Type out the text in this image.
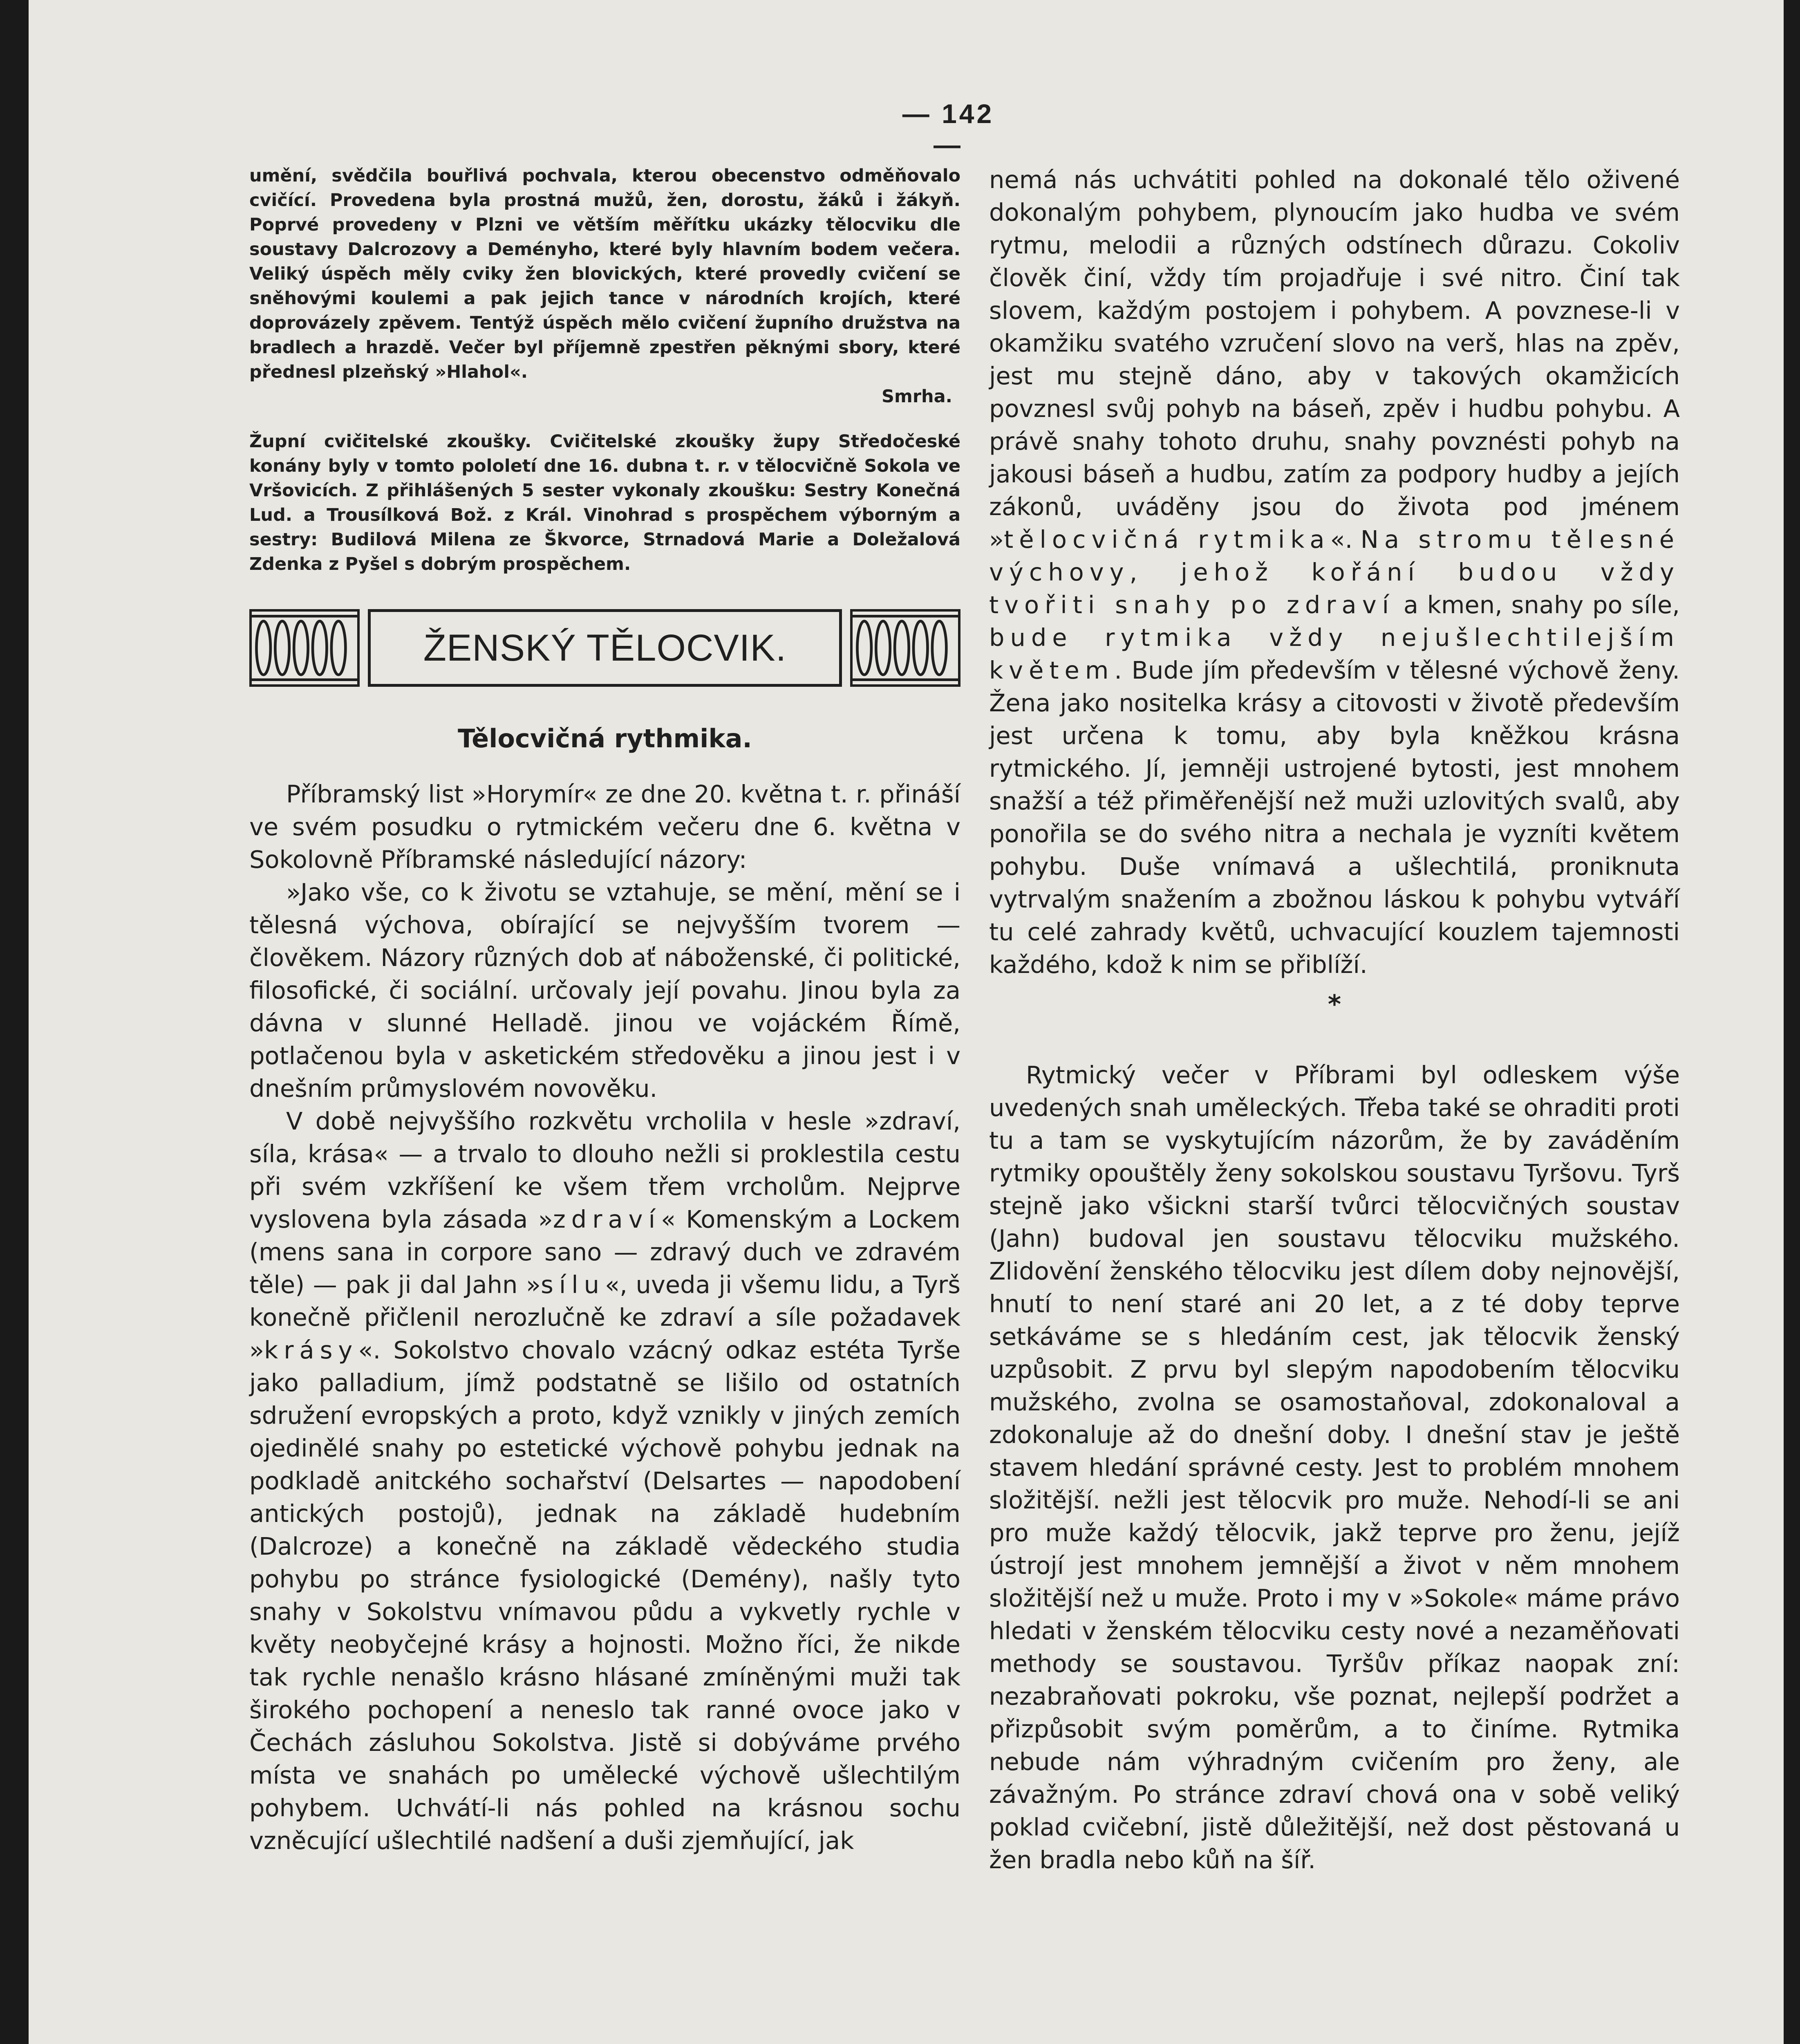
— 142 —

umění, svědčila bouřlivá pochvala, kterou obecenstvo odměňovalo cvičící. Provedena byla prostná mužů, žen, dorostu, žáků i žákyň. Poprvé provedeny v Plzni ve větším měřítku ukázky tělocviku dle soustavy Dalcrozovy a Deményho, které byly hlavním bodem večera. Veliký úspěch měly cviky žen blovických, které provedly cvičení se sněhovými koulemi a pak jejich tance v národních krojích, které doprovázely zpěvem. Tentýž úspěch mělo cvičení župního družstva na bradlech a hrazdě. Večer byl příjemně zpestřen pěknými sbory, které přednesl plzeňský »Hlahol«.

Smrha.

Župní cvičitelské zkoušky. Cvičitelské zkoušky župy Středočeské konány byly v tomto pololetí dne 16. dubna t. r. v tělocvičně Sokola ve Vršovicích. Z přihlášených 5 sester vykonaly zkoušku: Sestry Konečná Lud. a Trousílková Bož. z Král. Vinohrad s prospěchem výborným a sestry: Budilová Milena ze Škvorce, Strnadová Marie a Doležalová Zdenka z Pyšel s dobrým prospěchem.

ŽENSKÝ TĚLOCVIK.

Tělocvičná rythmika.

Příbramský list »Horymír« ze dne 20. května t. r. přináší ve svém posudku o rytmickém večeru dne 6. května v Sokolovně Příbramské následující názory:

»Jako vše, co k životu se vztahuje, se mění, mění se i tělesná výchova, obírající se nejvyšším tvorem — člověkem. Názory různých dob ať náboženské, či politické, filosofické, či sociální. určovaly její povahu. Jinou byla za dávna v slunné Helladě. jinou ve vojáckém Římě, potlačenou byla v asketickém středověku a jinou jest i v dnešním průmyslovém novověku.

V době nejvyššího rozkvětu vrcholila v hesle »zdraví, síla, krása« — a trvalo to dlouho nežli si proklestila cestu při svém vzkříšení ke všem třem vrcholům. Nejprve vyslovena byla zásada »zdraví« Komenským a Lockem (mens sana in corpore sano — zdravý duch ve zdravém těle) — pak ji dal Jahn »sílu«, uveda ji všemu lidu, a Tyrš konečně přičlenil nerozlučně ke zdraví a síle požadavek »krásy«. Sokolstvo chovalo vzácný odkaz estéta Tyrše jako palladium, jímž podstatně se lišilo od ostatních sdružení evropských a proto, když vznikly v jiných zemích ojedinělé snahy po estetické výchově pohybu jednak na podkladě anitckého sochařství (Delsartes — napodobení antických postojů), jednak na základě hudebním (Dalcroze) a konečně na základě vědeckého studia pohybu po stránce fysiologické (Demény), našly tyto snahy v Sokolstvu vnímavou půdu a vykvetly rychle v květy neobyčejné krásy a hojnosti. Možno říci, že nikde tak rychle nenašlo krásno hlásané zmíněnými muži tak širokého pochopení a neneslo tak ranné ovoce jako v Čechách zásluhou Sokolstva. Jistě si dobýváme prvého místa ve snahách po umělecké výchově ušlechtilým pohybem. Uchvátí-li nás pohled na krásnou sochu vzněcující ušlechtilé nadšení a duši zjemňující, jak

nemá nás uchvátiti pohled na dokonalé tělo oživené dokonalým pohybem, plynoucím jako hudba ve svém rytmu, melodii a různých odstínech důrazu. Cokoliv člověk činí, vždy tím projadřuje i své nitro. Činí tak slovem, každým postojem i pohybem. A povznese-li v okamžiku svatého vzručení slovo na verš, hlas na zpěv, jest mu stejně dáno, aby v takových okamžicích povznesl svůj pohyb na báseň, zpěv i hudbu pohybu. A právě snahy tohoto druhu, snahy povznésti pohyb na jakousi báseň a hudbu, zatím za podpory hudby a jejích zákonů, uváděny jsou do života pod jménem »tělocvičná rytmika«. Na stromu tělesné výchovy, jehož kořání budou vždy tvořiti snahy po zdraví a kmen, snahy po síle, bude rytmika vždy nejušlechtilejším květem. Bude jím především v tělesné výchově ženy. Žena jako nositelka krásy a citovosti v životě především jest určena k tomu, aby byla kněžkou krásna rytmického. Jí, jemněji ustrojené bytosti, jest mnohem snažší a též přiměřenější než muži uzlovitých svalů, aby ponořila se do svého nitra a nechala je vyzníti květem pohybu. Duše vnímavá a ušlechtilá, proniknuta vytrvalým snažením a zbožnou láskou k pohybu vytváří tu celé zahrady květů, uchvacující kouzlem tajemnosti každého, kdož k nim se přiblíží.

*

Rytmický večer v Příbrami byl odleskem výše uvedených snah uměleckých. Třeba také se ohraditi proti tu a tam se vyskytujícím názorům, že by zaváděním rytmiky opouštěly ženy sokolskou soustavu Tyršovu. Tyrš stejně jako všickni starší tvůrci tělocvičných soustav (Jahn) budoval jen soustavu tělocviku mužského. Zlidovění ženského tělocviku jest dílem doby nejnovější, hnutí to není staré ani 20 let, a z té doby teprve setkáváme se s hledáním cest, jak tělocvik ženský uzpůsobit. Z prvu byl slepým napodobením tělocviku mužského, zvolna se osamostaňoval, zdokonaloval a zdokonaluje až do dnešní doby. I dnešní stav je ještě stavem hledání správné cesty. Jest to problém mnohem složitější. nežli jest tělocvik pro muže. Nehodí-li se ani pro muže každý tělocvik, jakž teprve pro ženu, jejíž ústrojí jest mnohem jemnější a život v něm mnohem složitější než u muže. Proto i my v »Sokole« máme právo hledati v ženském tělocviku cesty nové a nezaměňovati methody se soustavou. Tyršův příkaz naopak zní: nezabraňovati pokroku, vše poznat, nejlepší podržet a přizpůsobit svým poměrům, a to činíme. Rytmika nebude nám výhradným cvičením pro ženy, ale závažným. Po stránce zdraví chová ona v sobě veliký poklad cvičební, jistě důležitější, než dost pěstovaná u žen bradla nebo kůň na šíř.
